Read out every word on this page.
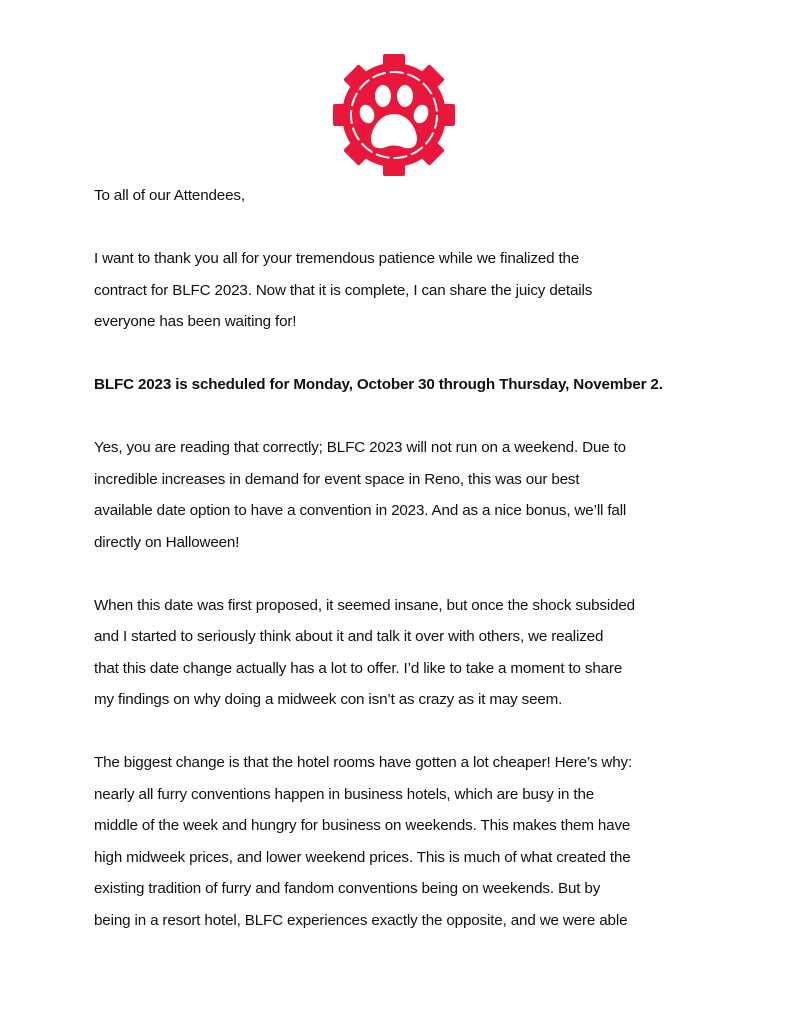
To all of our Attendees,
I want to thank you all for your tremendous patience while we finalized the
contract for BLFC 2023. Now that it is complete, I can share the juicy details
everyone has been waiting for!
BLFC 2023 is scheduled for Monday, October 30 through Thursday, November 2.
Yes, you are reading that correctly; BLFC 2023 will not run on a weekend. Due to
incredible increases in demand for event space in Reno, this was our best
available date option to have a convention in 2023. And as a nice bonus, we’ll fall
directly on Halloween!
When this date was first proposed, it seemed insane, but once the shock subsided
and I started to seriously think about it and talk it over with others, we realized
that this date change actually has a lot to offer. I’d like to take a moment to share
my findings on why doing a midweek con isn’t as crazy as it may seem.
The biggest change is that the hotel rooms have gotten a lot cheaper! Here’s why:
nearly all furry conventions happen in business hotels, which are busy in the
middle of the week and hungry for business on weekends. This makes them have
high midweek prices, and lower weekend prices. This is much of what created the
existing tradition of furry and fandom conventions being on weekends. But by
being in a resort hotel, BLFC experiences exactly the opposite, and we were able
